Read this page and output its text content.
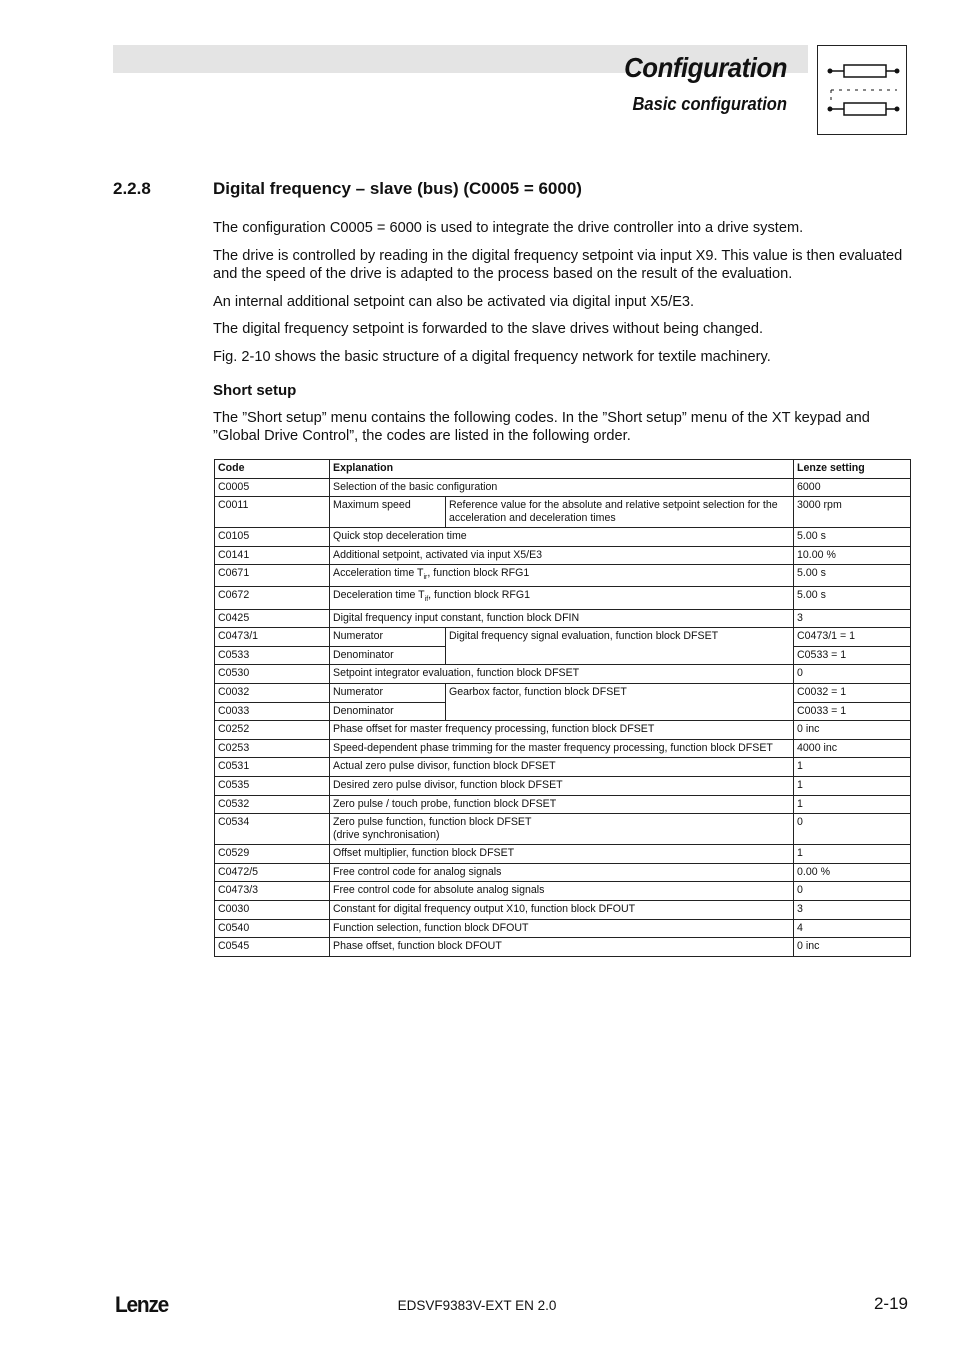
Configuration
Basic configuration
2.2.8	Digital frequency – slave (bus) (C0005 = 6000)

The configuration C0005 = 6000 is used to integrate the drive controller into a drive system.

The drive is controlled by reading in the digital frequency setpoint via input X9. This value is then evaluated and the speed of the drive is adapted to the process based on the result of the evaluation.

An internal additional setpoint can also be activated via digital input X5/E3.

The digital frequency setpoint is forwarded to the slave drives without being changed.

Fig. 2-10 shows the basic structure of a digital frequency network for textile machinery.

Short setup

The ”Short setup” menu contains the following codes. In the ”Short setup” menu of the XT keypad and ”Global Drive Control”, the codes are listed in the following order.

Code	Explanation		Lenze setting
C0005	Selection of the basic configuration		6000
C0011	Maximum speed	Reference value for the absolute and relative setpoint selection for the acceleration and deceleration times	3000 rpm
C0105	Quick stop deceleration time		5.00 s
C0141	Additional setpoint, activated via input X5/E3		10.00 %
C0671	Acceleration time $T_{ir}$, function block RFG1		5.00 s
C0672	Deceleration time $T_{if}$, function block RFG1		5.00 s
C0425	Digital frequency input constant, function block DFIN		3
C0473/1	Numerator	Digital frequency signal evaluation, function block DFSET	C0473/1 = 1
C0533	Denominator		C0533 = 1
C0530	Setpoint integrator evaluation, function block DFSET		0
C0032	Numerator	Gearbox factor, function block DFSET	C0032 = 1
C0033	Denominator		C0033 = 1
C0252	Phase offset for master frequency processing, function block DFSET		0 inc
C0253	Speed-dependent phase trimming for the master frequency processing, function block DFSET		4000 inc
C0531	Actual zero pulse divisor, function block DFSET		1
C0535	Desired zero pulse divisor, function block DFSET		1
C0532	Zero pulse / touch probe, function block DFSET		1
C0534	Zero pulse function, function block DFSET
(drive synchronisation)		0
C0529	Offset multiplier, function block DFSET		1
C0472/5	Free control code for analog signals		0.00 %
C0473/3	Free control code for absolute analog signals		0
C0030	Constant for digital frequency output X10, function block DFOUT		3
C0540	Function selection, function block DFOUT		4
C0545	Phase offset, function block DFOUT		0 inc
Lenze	EDSVF9383V-EXT EN 2.0	2-19
